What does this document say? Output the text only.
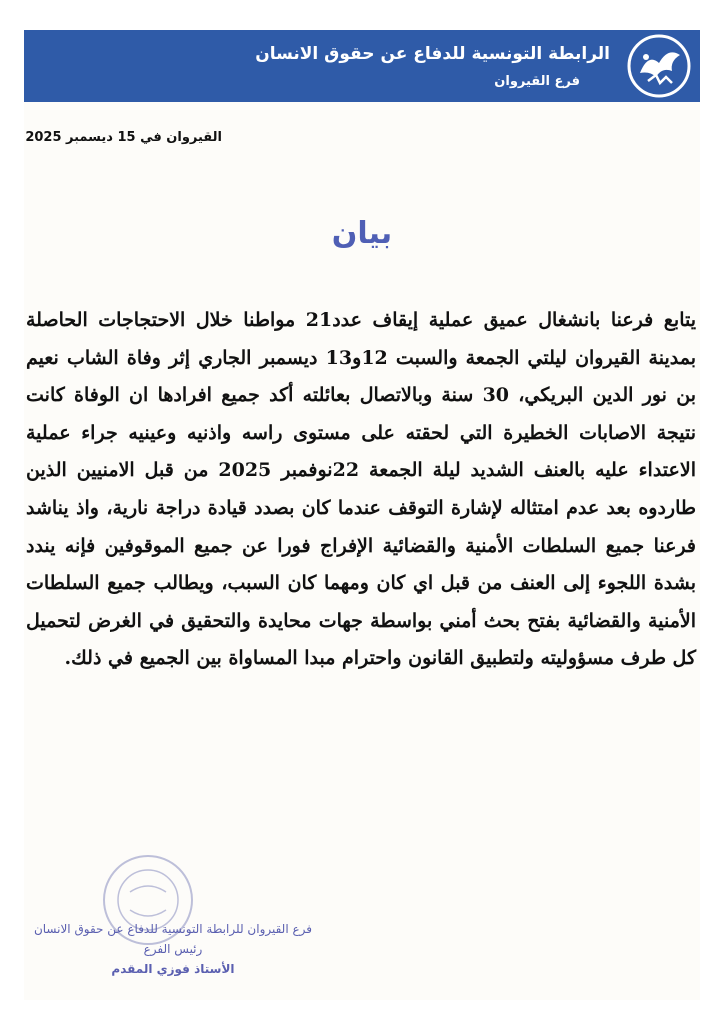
الرابطة التونسية للدفاع عن حقوق الانسان
فرع القيروان
القيروان في 15 ديسمبر 2025
بيان
يتابع فرعنا بانشغال عميق عملية إيقاف عدد21 مواطنا خلال الاحتجاجات الحاصلة بمدينة القيروان ليلتي الجمعة والسبت 12و13 ديسمبر الجاري إثر وفاة الشاب نعيم بن نور الدين البريكي، 30 سنة وبالاتصال بعائلته أكد جميع افرادها ان الوفاة كانت نتيجة الاصابات الخطيرة التي لحقته على مستوى راسه واذنيه وعينيه جراء عملية الاعتداء عليه بالعنف الشديد ليلة الجمعة 22نوفمبر 2025 من قبل الامنيين الذين طاردوه بعد عدم امتثاله لإشارة التوقف عندما كان بصدد قيادة دراجة نارية، واذ يناشد فرعنا جميع السلطات الأمنية والقضائية الإفراج فورا عن جميع الموقوفين فإنه يندد بشدة اللجوء إلى العنف من قبل اي كان ومهما كان السبب، ويطالب جميع السلطات الأمنية والقضائية بفتح بحث أمني بواسطة جهات محايدة والتحقيق في الغرض لتحميل كل طرف مسؤوليته ولتطبيق القانون واحترام مبدا المساواة بين الجميع في ذلك.
فرع القيروان للرابطة التونسية للدفاع عن حقوق الانسان
رئيس الفرع
الأستاذ فوزي المقدم
